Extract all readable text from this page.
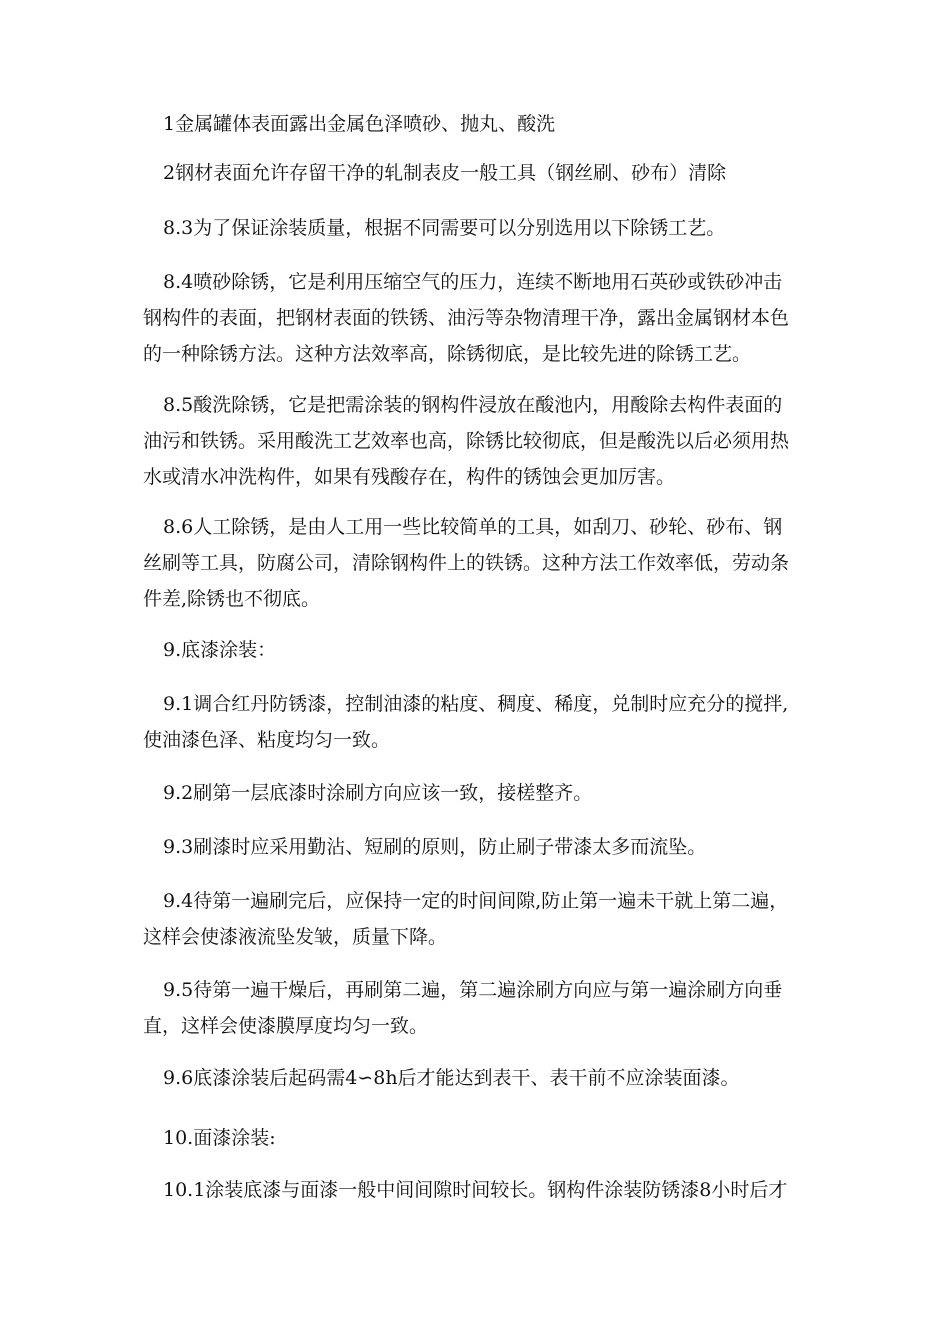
1金属罐体表面露出金属色泽喷砂、抛丸、酸洗

2钢材表面允许存留干净的轧制表皮一般工具（钢丝刷、砂布）清除

8.3为了保证涂装质量，根据不同需要可以分别选用以下除锈工艺。

8.4喷砂除锈，它是利用压缩空气的压力，连续不断地用石英砂或铁砂冲击
钢构件的表面，把钢材表面的铁锈、油污等杂物清理干净，露出金属钢材本色
的一种除锈方法。这种方法效率高，除锈彻底，是比较先进的除锈工艺。

8.5酸洗除锈，它是把需涂装的钢构件浸放在酸池内，用酸除去构件表面的
油污和铁锈。采用酸洗工艺效率也高，除锈比较彻底，但是酸洗以后必须用热
水或清水冲洗构件，如果有残酸存在，构件的锈蚀会更加厉害。

8.6人工除锈，是由人工用一些比较简单的工具，如刮刀、砂轮、砂布、钢
丝刷等工具，防腐公司，清除钢构件上的铁锈。这种方法工作效率低，劳动条
件差,除锈也不彻底。

9.底漆涂装：

9.1调合红丹防锈漆，控制油漆的粘度、稠度、稀度，兑制时应充分的搅拌,
使油漆色泽、粘度均匀一致。

9.2刷第一层底漆时涂刷方向应该一致，接槎整齐。

9.3刷漆时应采用勤沾、短刷的原则，防止刷子带漆太多而流坠。

9.4待第一遍刷完后，应保持一定的时间间隙,防止第一遍未干就上第二遍，
这样会使漆液流坠发皱，质量下降。

9.5待第一遍干燥后，再刷第二遍，第二遍涂刷方向应与第一遍涂刷方向垂
直，这样会使漆膜厚度均匀一致。

9.6底漆涂装后起码需4∽8h后才能达到表干、表干前不应涂装面漆。

10.面漆涂装:

10.1涂装底漆与面漆一般中间间隙时间较长。钢构件涂装防锈漆8小时后才
